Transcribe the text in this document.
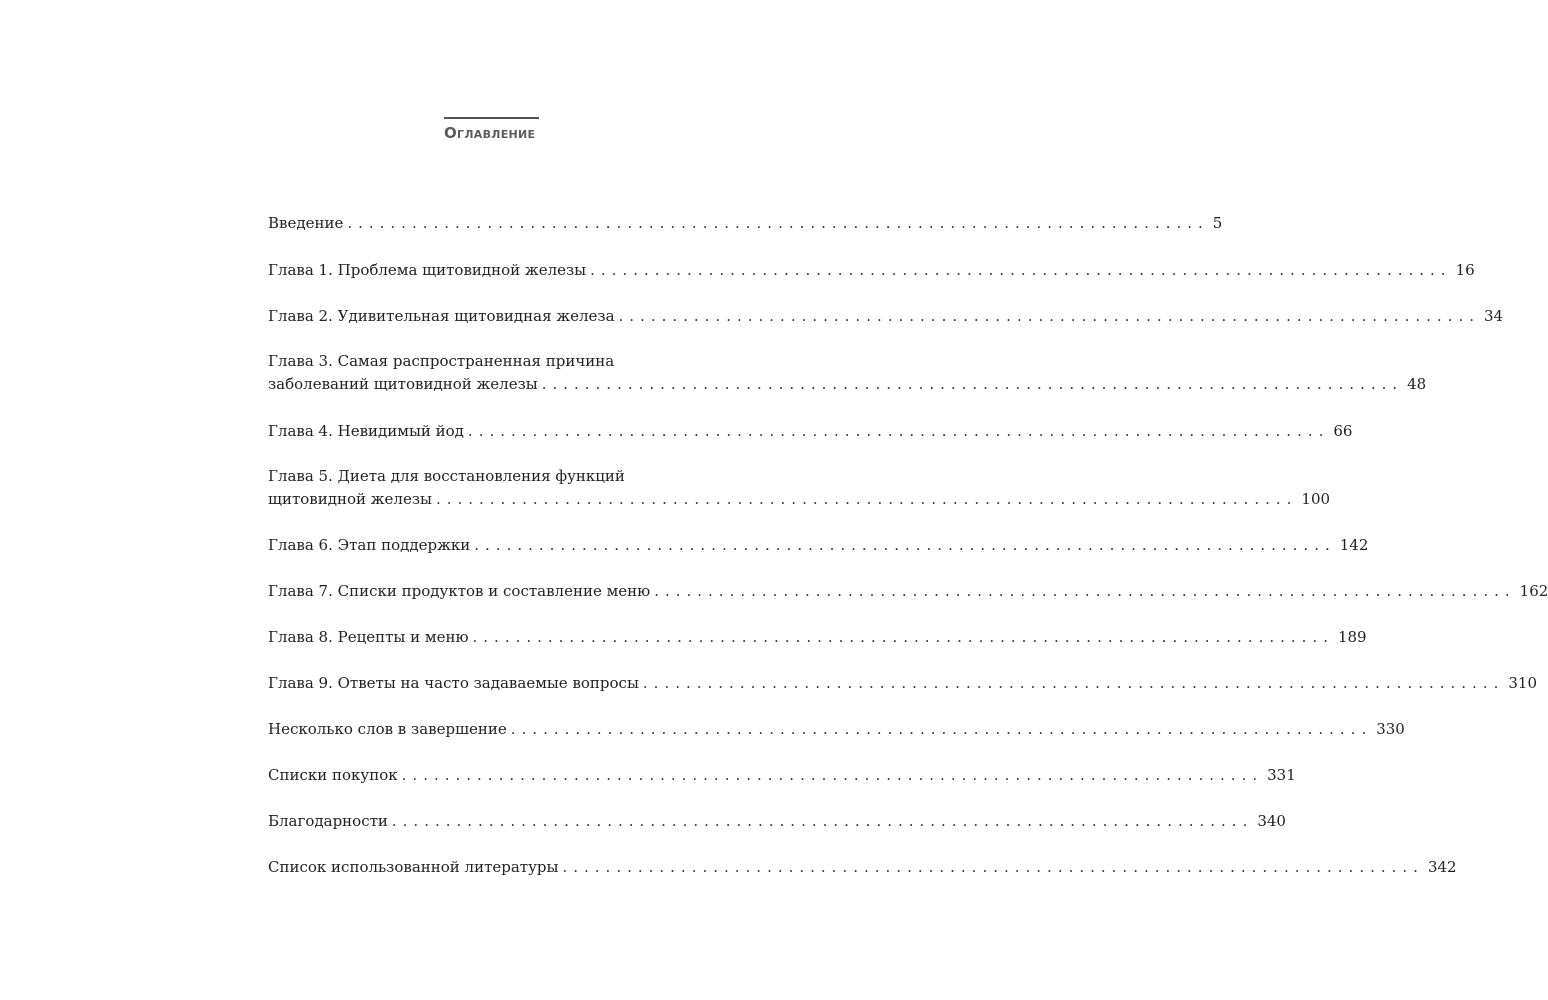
Оглавление
Введение ................................................................................ 5
Глава 1. Проблема щитовидной железы ................................................................................ 16
Глава 2. Удивительная щитовидная железа ................................................................................ 34
Глава 3. Самая распространенная причина
заболеваний щитовидной железы ................................................................................ 48
Глава 4. Невидимый йод ................................................................................ 66
Глава 5. Диета для восстановления функций
щитовидной железы ................................................................................ 100
Глава 6. Этап поддержки ................................................................................ 142
Глава 7. Списки продуктов и составление меню ................................................................................ 162
Глава 8. Рецепты и меню ................................................................................ 189
Глава 9. Ответы на часто задаваемые вопросы ................................................................................ 310
Несколько слов в завершение ................................................................................ 330
Списки покупок ................................................................................ 331
Благодарности ................................................................................ 340
Список использованной литературы ................................................................................ 342
